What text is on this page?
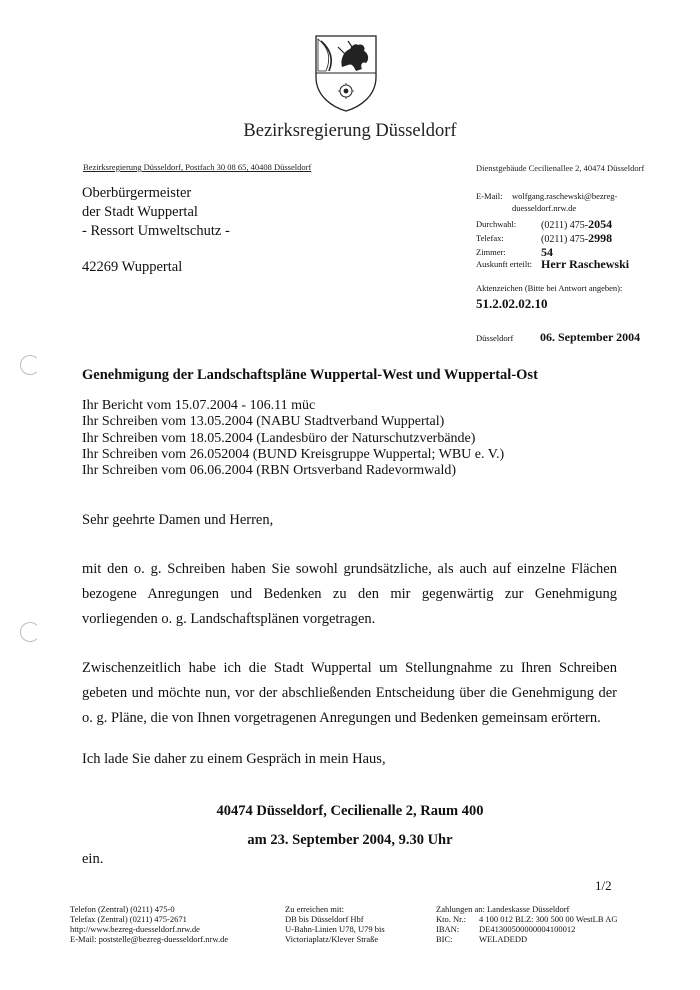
Bezirksregierung Düsseldorf
Bezirksregierung Düsseldorf, Postfach 30 08 65, 40408 Düsseldorf
Oberbürgermeister
der Stadt Wuppertal
- Ressort Umweltschutz -
42269 Wuppertal
Dienstgebäude Cecilienallee 2, 40474 Düsseldorf
E-Mail:	wolfgang.raschewski@bezreg-
duesseldorf.nrw.de
Durchwahl:	(0211) 475-2054
Telefax:	(0211) 475-2998
Zimmer:	54
Auskunft erteilt: Herr Raschewski
Aktenzeichen (Bitte bei Antwort angeben):
51.2.02.02.10
Düsseldorf 06. September 2004
Genehmigung der Landschaftspläne Wuppertal-West und Wuppertal-Ost
Ihr Bericht vom 15.07.2004 - 106.11 müc
Ihr Schreiben vom 13.05.2004 (NABU Stadtverband Wuppertal)
Ihr Schreiben vom 18.05.2004 (Landesbüro der Naturschutzverbände)
Ihr Schreiben vom 26.052004 (BUND Kreisgruppe Wuppertal; WBU e. V.)
Ihr Schreiben vom 06.06.2004 (RBN Ortsverband Radevormwald)
Sehr geehrte Damen und Herren,
mit den o. g. Schreiben haben Sie sowohl grundsätzliche, als auch auf einzelne Flächen bezogene Anregungen und Bedenken zu den mir gegenwärtig zur Genehmigung vorliegenden o. g. Landschaftsplänen vorgetragen.
Zwischenzeitlich habe ich die Stadt Wuppertal um Stellungnahme zu Ihren Schreiben gebeten und möchte nun, vor der abschließenden Entscheidung über die Genehmigung der o. g. Pläne, die von Ihnen vorgetragenen Anregungen und Bedenken gemeinsam erörtern.
Ich lade Sie daher zu einem Gespräch in mein Haus,
40474 Düsseldorf, Cecilienalle 2, Raum 400
am 23. September 2004, 9.30 Uhr
ein.
1/2
Telefon (Zentral) (0211) 475-0
Telefax (Zentral) (0211) 475-2671
http://www.bezreg-duesseldorf.nrw.de
E-Mail: poststelle@bezreg-duesseldorf.nrw.de
Zu erreichen mit:
DB bis Düsseldorf Hbf
U-Bahn-Linien U78, U79 bis
Victoriaplatz/Klever Straße
Zahlungen an: Landeskasse Düsseldorf
Kto. Nr.:	4 100 012 BLZ: 300 500 00 WestLB AG
IBAN:	DE41300500000004100012
BIC:	WELADEDD
